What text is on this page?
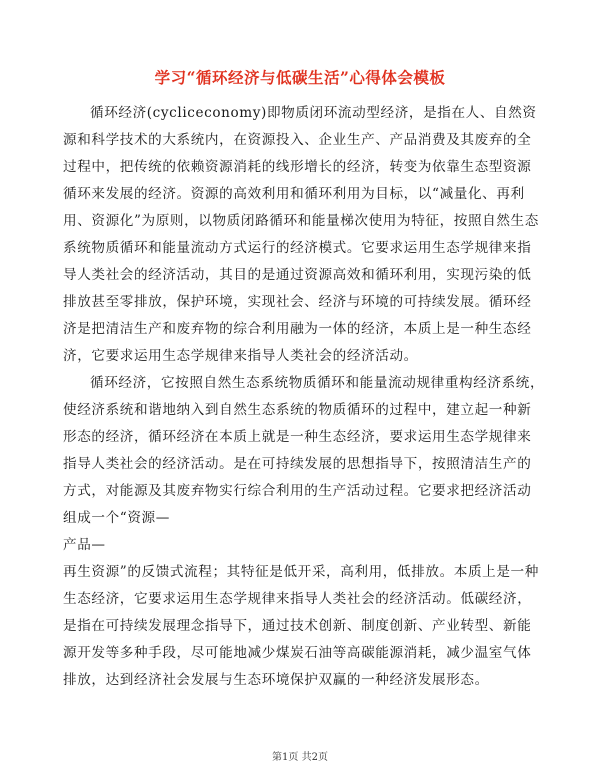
学习“循环经济与低碳生活”心得体会模板

循环经济(cycliceconomy)即物质闭环流动型经济，是指在人、自然资源和科学技术的大系统内，在资源投入、企业生产、产品消费及其废弃的全过程中，把传统的依赖资源消耗的线形增长的经济，转变为依靠生态型资源循环来发展的经济。资源的高效利用和循环利用为目标，以“减量化、再利用、资源化”为原则，以物质闭路循环和能量梯次使用为特征，按照自然生态系统物质循环和能量流动方式运行的经济模式。它要求运用生态学规律来指导人类社会的经济活动，其目的是通过资源高效和循环利用，实现污染的低排放甚至零排放，保护环境，实现社会、经济与环境的可持续发展。循环经济是把清洁生产和废弃物的综合利用融为一体的经济，本质上是一种生态经济，它要求运用生态学规律来指导人类社会的经济活动。

循环经济，它按照自然生态系统物质循环和能量流动规律重构经济系统，使经济系统和谐地纳入到自然生态系统的物质循环的过程中，建立起一种新形态的经济，循环经济在本质上就是一种生态经济，要求运用生态学规律来指导人类社会的经济活动。是在可持续发展的思想指导下，按照清洁生产的方式，对能源及其废弃物实行综合利用的生产活动过程。它要求把经济活动组成一个“资源—

产品—

再生资源”的反馈式流程；其特征是低开采，高利用，低排放。本质上是一种生态经济，它要求运用生态学规律来指导人类社会的经济活动。低碳经济，是指在可持续发展理念指导下，通过技术创新、制度创新、产业转型、新能源开发等多种手段，尽可能地减少煤炭石油等高碳能源消耗，减少温室气体排放，达到经济社会发展与生态环境保护双赢的一种经济发展形态。

第1页 共2页
